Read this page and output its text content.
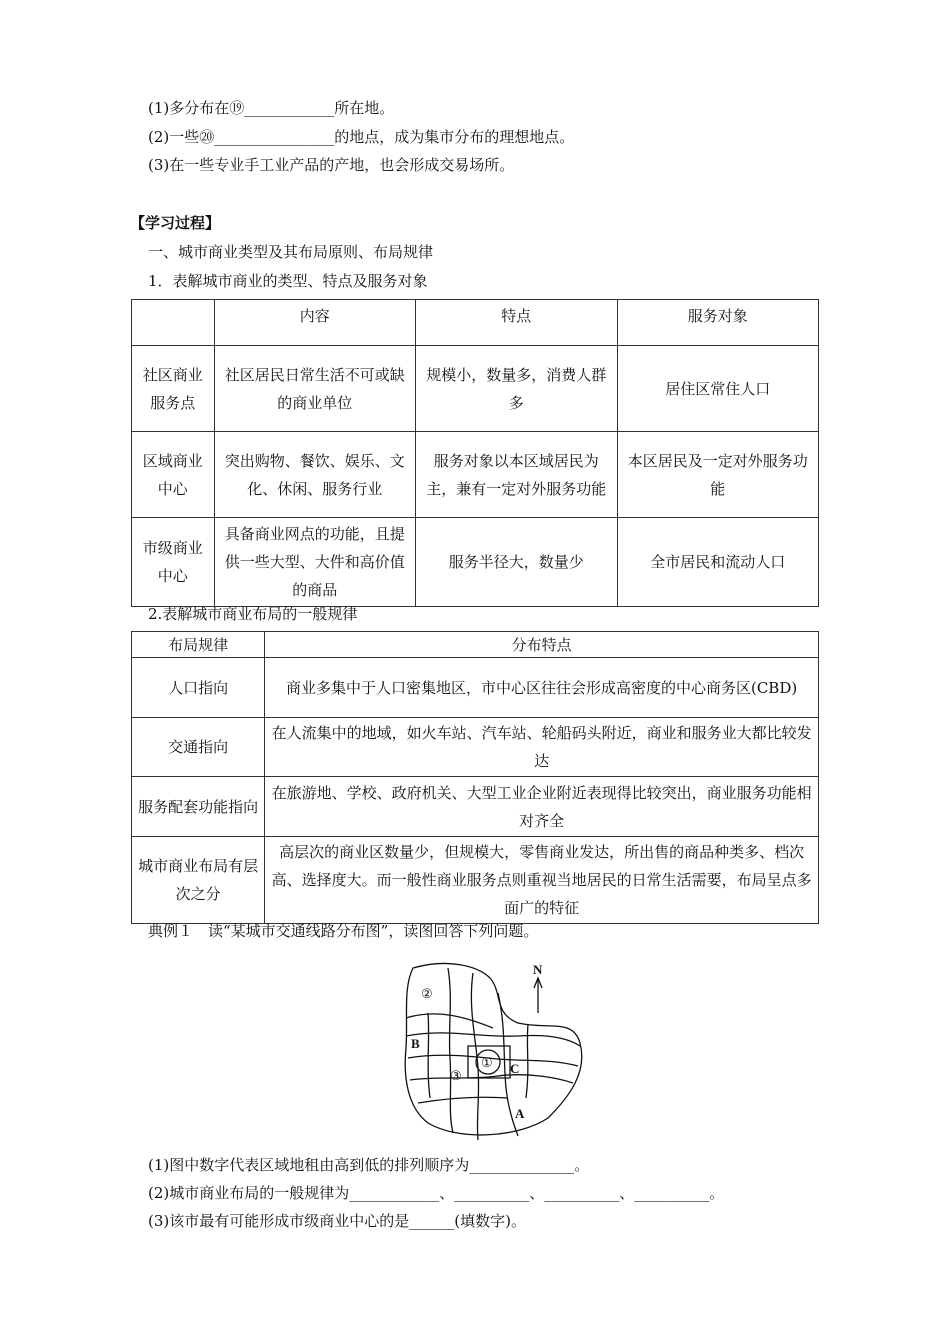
(1)多分布在⑲____________所在地。
(2)一些⑳________________的地点，成为集市分布的理想地点。
(3)在一些专业手工业产品的产地，也会形成交易场所。
【学习过程】
一、城市商业类型及其布局原则、布局规律
1．表解城市商业的类型、特点及服务对象
	内容	特点	服务对象
社区商业服务点	社区居民日常生活不可或缺的商业单位	规模小，数量多，消费人群多	居住区常住人口
区域商业中心	突出购物、餐饮、娱乐、文化、休闲、服务行业	服务对象以本区域居民为主，兼有一定对外服务功能	本区居民及一定对外服务功能
市级商业中心	具备商业网点的功能，且提供一些大型、大件和高价值的商品	服务半径大，数量少	全市居民和流动人口
2.表解城市商业布局的一般规律
布局规律	分布特点
人口指向	商业多集中于人口密集地区，市中心区往往会形成高密度的中心商务区(CBD)
交通指向	在人流集中的地域，如火车站、汽车站、轮船码头附近，商业和服务业大都比较发达
服务配套功能指向	在旅游地、学校、政府机关、大型工业企业附近表现得比较突出，商业服务功能相对齐全
城市商业布局有层次之分	高层次的商业区数量少，但规模大，零售商业发达，所出售的商品种类多、档次高、选择度大。而一般性商业服务点则重视当地居民的日常生活需要，布局呈点多面广的特征
典例１　读“某城市交通线路分布图”，读图回答下列问题。
N
②
①
③
B
C
A
(1)图中数字代表区域地租由高到低的排列顺序为______________。
(2)城市商业布局的一般规律为____________、__________、__________、__________。
(3)该市最有可能形成市级商业中心的是______(填数字)。
